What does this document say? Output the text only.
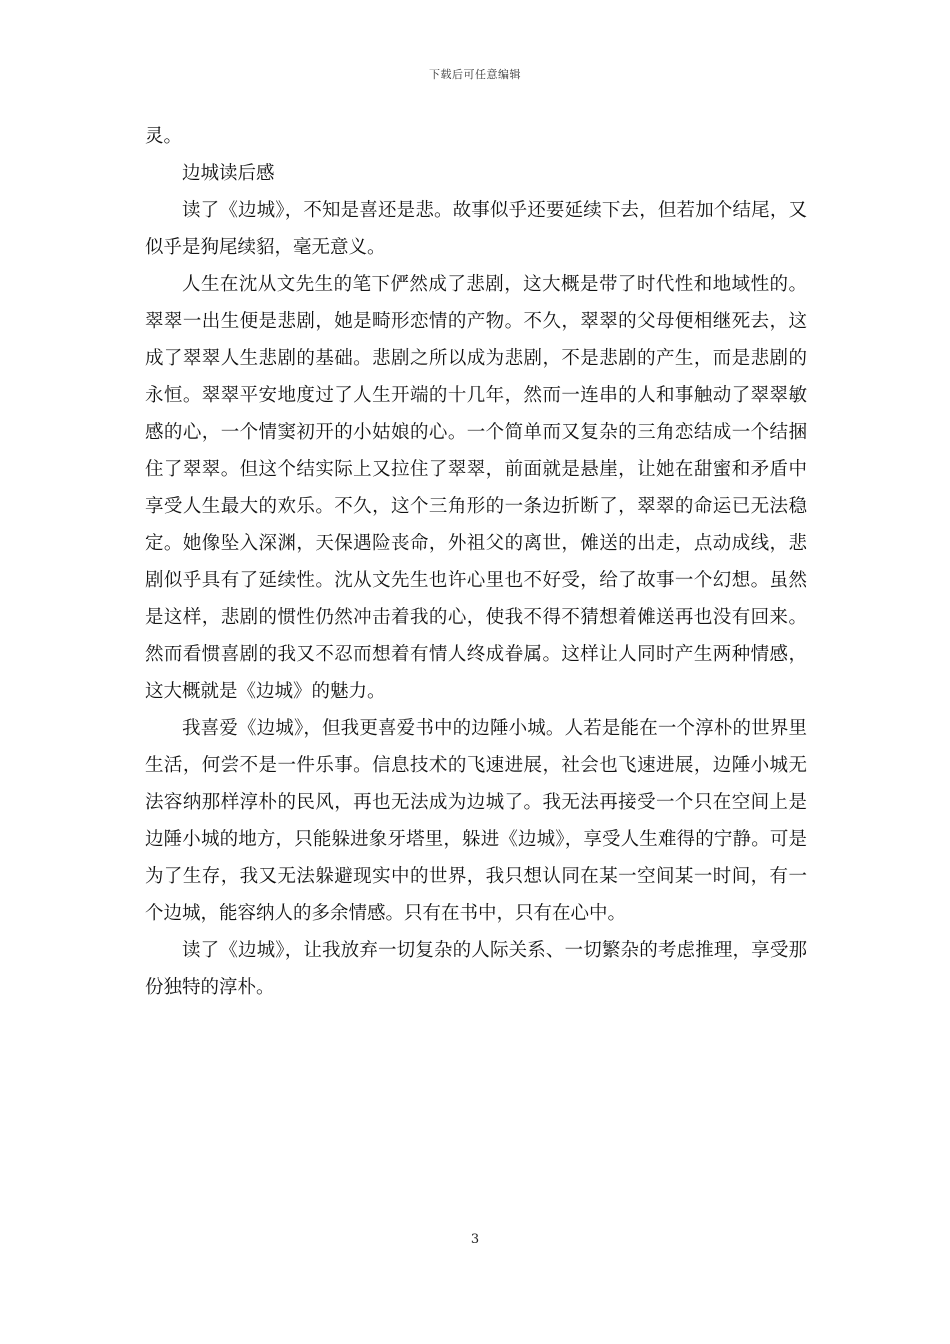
下载后可任意编辑

灵。

边城读后感

读了《边城》，不知是喜还是悲。故事似乎还要延续下去，但若加个结尾，又似乎是狗尾续貂，毫无意义。

人生在沈从文先生的笔下俨然成了悲剧，这大概是带了时代性和地域性的。翠翠一出生便是悲剧，她是畸形恋情的产物。不久，翠翠的父母便相继死去，这成了翠翠人生悲剧的基础。悲剧之所以成为悲剧，不是悲剧的产生，而是悲剧的永恒。翠翠平安地度过了人生开端的十几年，然而一连串的人和事触动了翠翠敏感的心，一个情窦初开的小姑娘的心。一个简单而又复杂的三角恋结成一个结捆住了翠翠。但这个结实际上又拉住了翠翠，前面就是悬崖，让她在甜蜜和矛盾中享受人生最大的欢乐。不久，这个三角形的一条边折断了，翠翠的命运已无法稳定。她像坠入深渊，天保遇险丧命，外祖父的离世，傩送的出走，点动成线，悲剧似乎具有了延续性。沈从文先生也许心里也不好受，给了故事一个幻想。虽然是这样，悲剧的惯性仍然冲击着我的心，使我不得不猜想着傩送再也没有回来。然而看惯喜剧的我又不忍而想着有情人终成眷属。这样让人同时产生两种情感，这大概就是《边城》的魅力。

我喜爱《边城》，但我更喜爱书中的边陲小城。人若是能在一个淳朴的世界里生活，何尝不是一件乐事。信息技术的飞速进展，社会也飞速进展，边陲小城无法容纳那样淳朴的民风，再也无法成为边城了。我无法再接受一个只在空间上是边陲小城的地方，只能躲进象牙塔里，躲进《边城》，享受人生难得的宁静。可是为了生存，我又无法躲避现实中的世界，我只想认同在某一空间某一时间，有一个边城，能容纳人的多余情感。只有在书中，只有在心中。

读了《边城》，让我放弃一切复杂的人际关系、一切繁杂的考虑推理，享受那份独特的淳朴。

3
